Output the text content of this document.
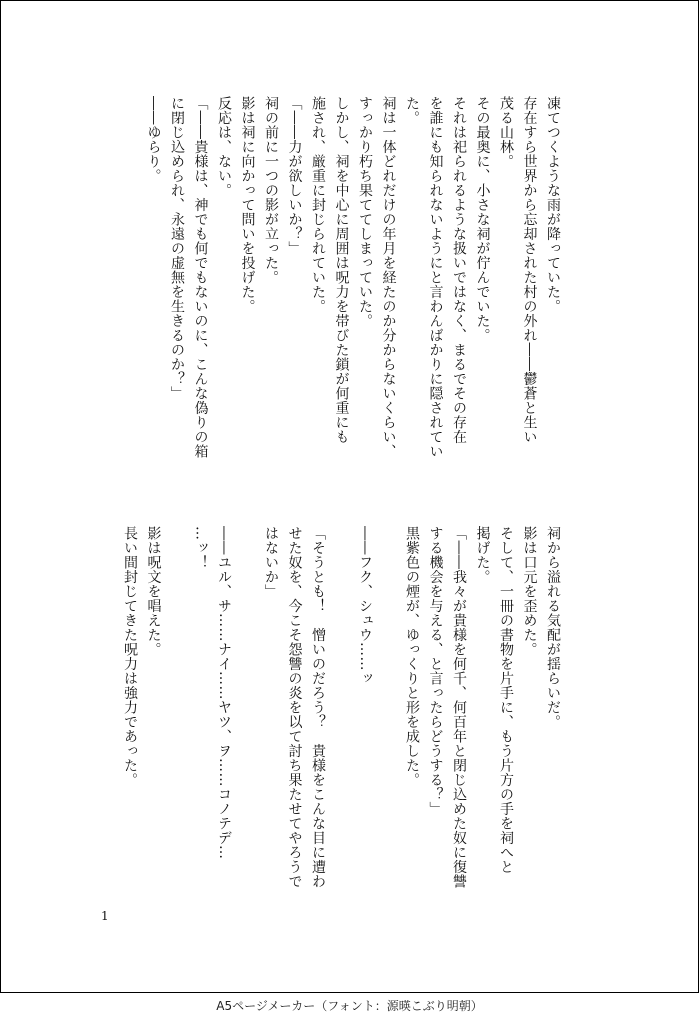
凍てつくような雨が降っていた。
存在すら世界から忘却された村の外れ――鬱蒼と生い
茂る山林。
その最奥に、小さな祠が佇んでいた。
それは祀られるような扱いではなく、まるでその存在
を誰にも知られないようにと言わんばかりに隠されてい
た。
祠は一体どれだけの年月を経たのか分からないくらい、
すっかり朽ち果ててしまっていた。
しかし、祠を中心に周囲は呪力を帯びた鎖が何重にも
施され、厳重に封じられていた。
「――力が欲しいか？」
祠の前に一つの影が立った。
影は祠に向かって問いを投げた。
反応は、ない。
「――貴様は、神でも何でもないのに、こんな偽りの箱
に閉じ込められ、永遠の虚無を生きるのか？」
――ゆらり。
祠から溢れる気配が揺らいだ。
影は口元を歪めた。
そして、一冊の書物を片手に、もう片方の手を祠へと
掲げた。
「――我々が貴様を何千、何百年と閉じ込めた奴に復讐
する機会を与える、と言ったらどうする？」
黒紫色の煙が、ゆっくりと形を成した。
――フク、シュウ……ッ
「そうとも！　憎いのだろう？　貴様をこんな目に遭わ
せた奴を、今こそ怨讐の炎を以て討ち果たせてやろうで
はないか」
――ユル、サ……ナイ……ヤツ、ヲ……コノテデ…
…ッ！
影は呪文を唱えた。
長い間封じてきた呪力は強力であった。
1
A5ページメーカー（フォント：源暎こぶり明朝）
